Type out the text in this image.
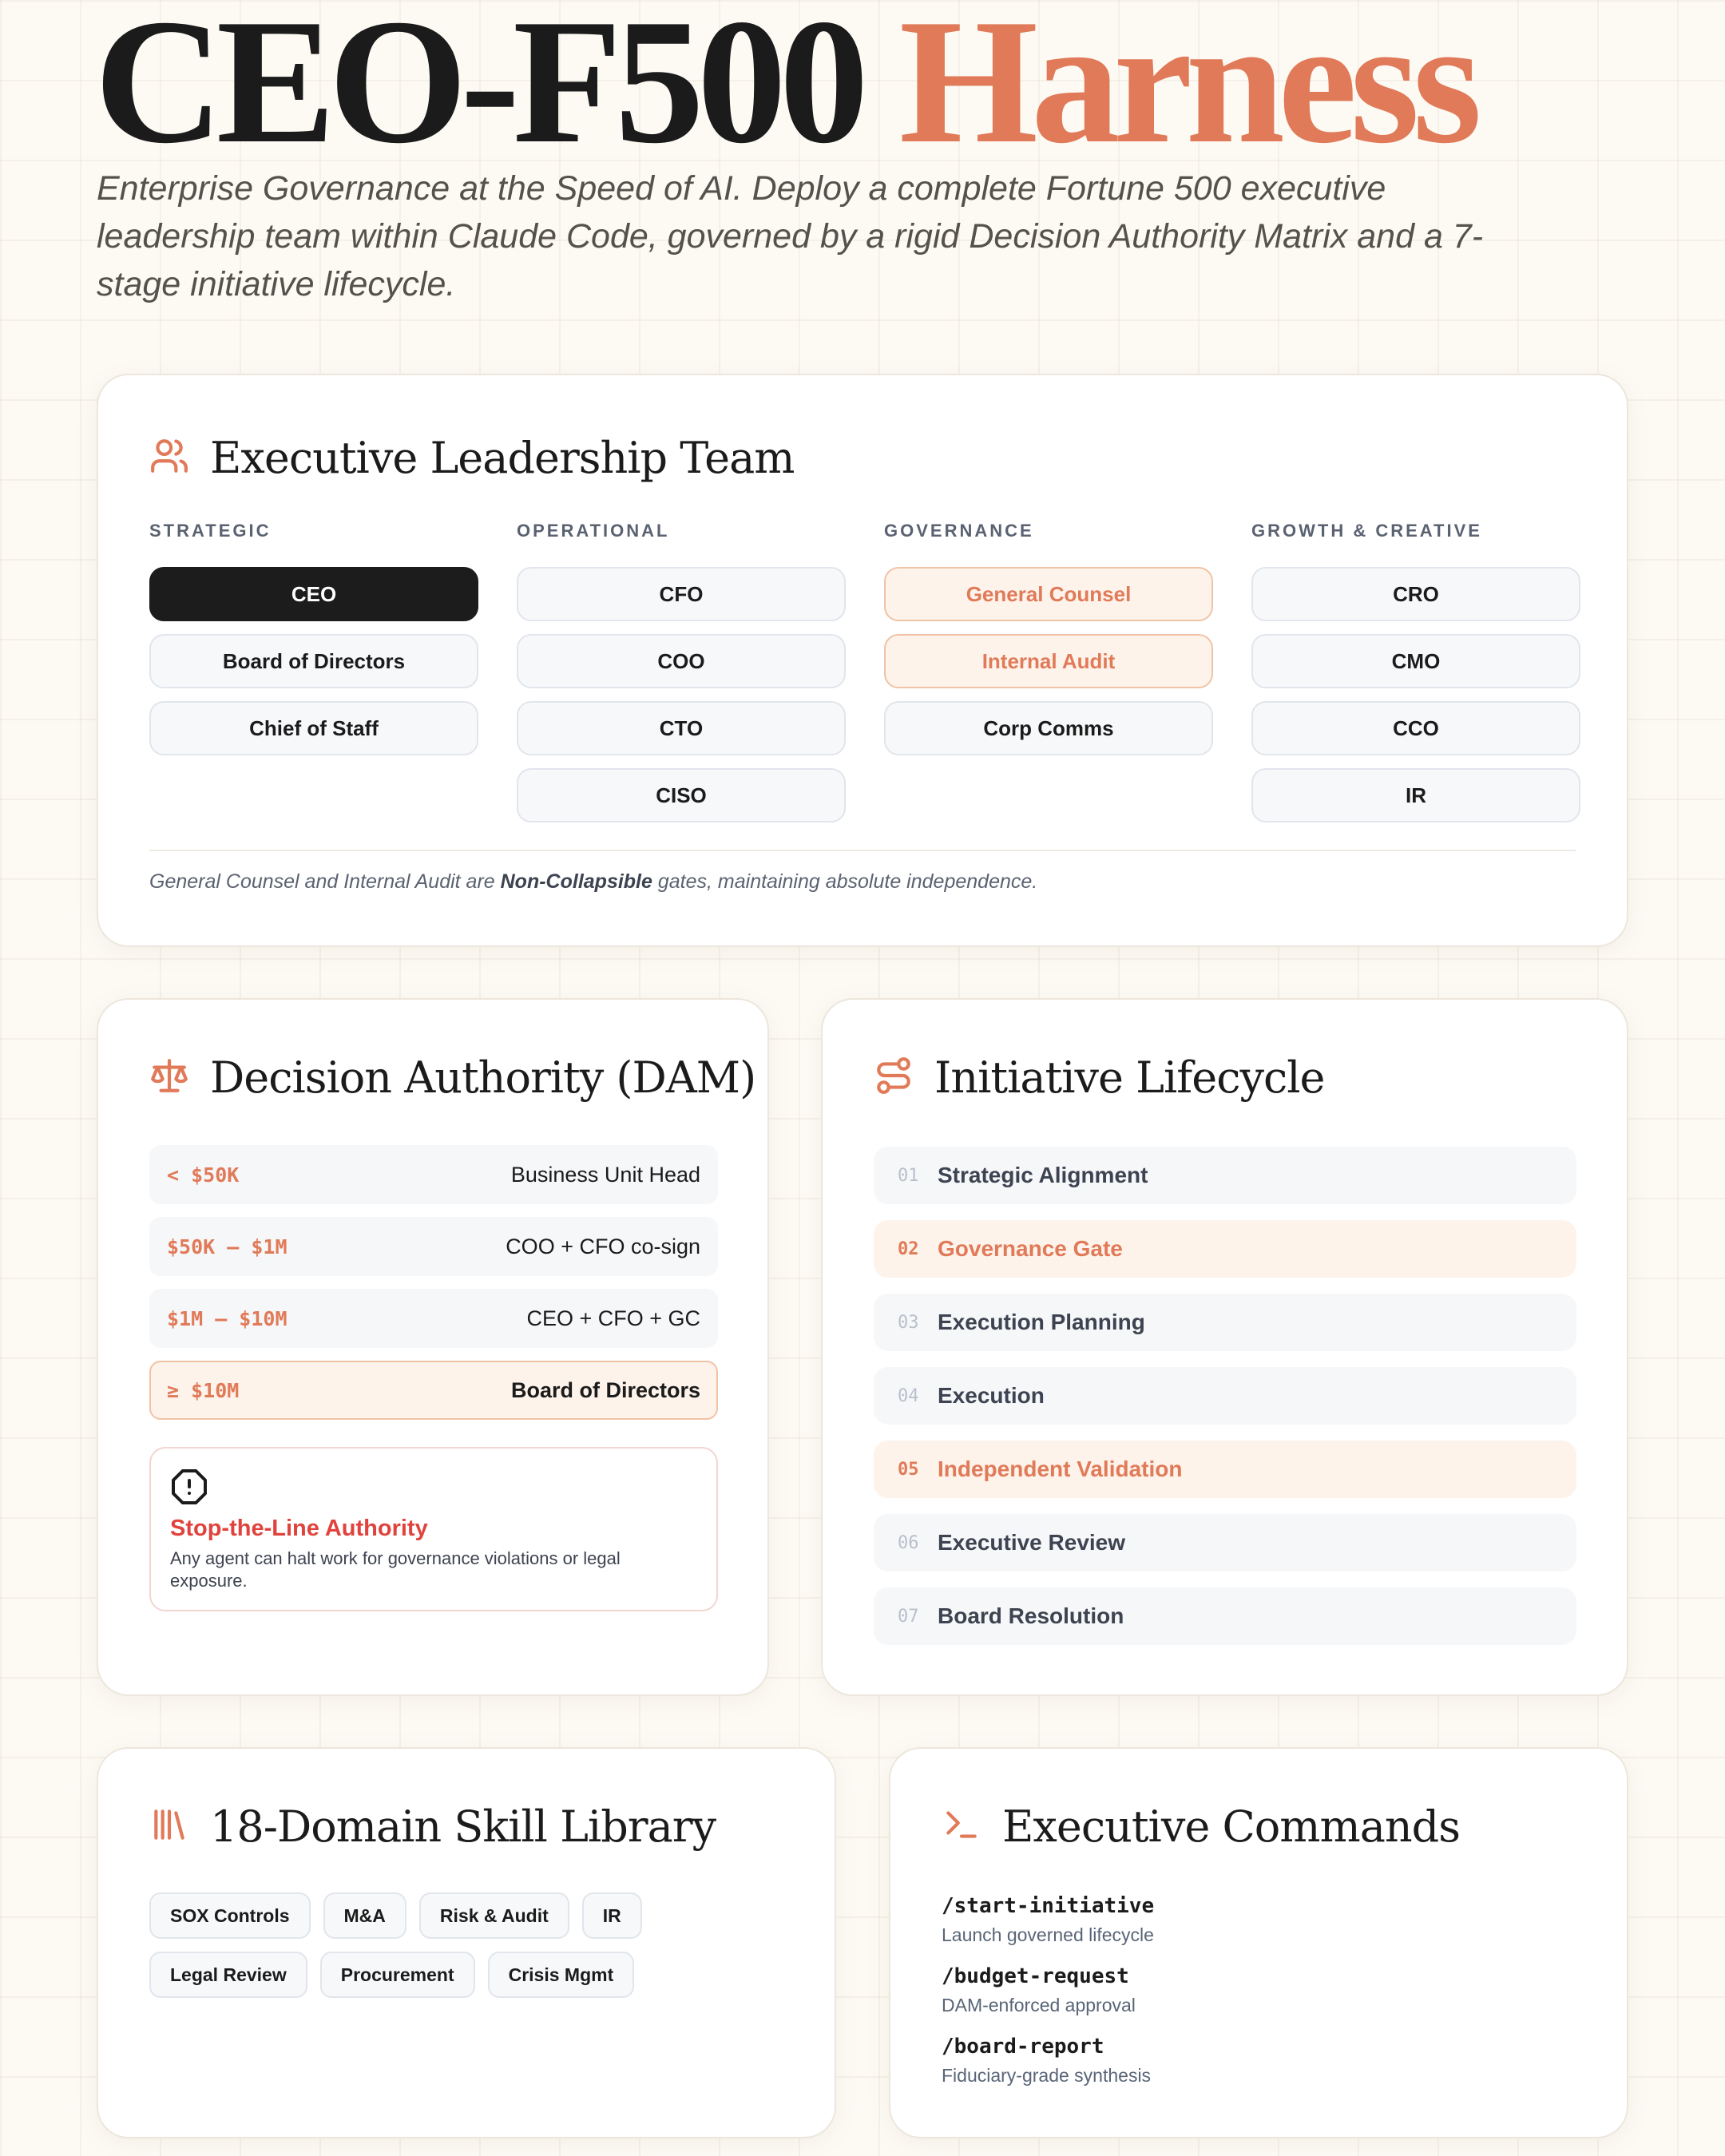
CEO-F500 Harness
Enterprise Governance at the Speed of AI. Deploy a complete Fortune 500 executive leadership team within Claude Code, governed by a rigid Decision Authority Matrix and a 7-stage initiative lifecycle.
Executive Leadership Team
STRATEGIC
CEO
Board of Directors
Chief of Staff
OPERATIONAL
CFO
COO
CTO
CISO
GOVERNANCE
General Counsel
Internal Audit
Corp Comms
GROWTH & CREATIVE
CRO
CMO
CCO
IR
General Counsel and Internal Audit are Non-Collapsible gates, maintaining absolute independence.
Decision Authority (DAM)
< $50K	Business Unit Head
$50K – $1M	COO + CFO co-sign
$1M – $10M	CEO + CFO + GC
≥ $10M	Board of Directors
Stop-the-Line Authority
Any agent can halt work for governance violations or legal exposure.
Initiative Lifecycle
01 Strategic Alignment
02 Governance Gate
03 Execution Planning
04 Execution
05 Independent Validation
06 Executive Review
07 Board Resolution
18-Domain Skill Library
SOX Controls	M&A	Risk & Audit	IR
Legal Review	Procurement	Crisis Mgmt
Executive Commands
/start-initiative
Launch governed lifecycle
/budget-request
DAM-enforced approval
/board-report
Fiduciary-grade synthesis
